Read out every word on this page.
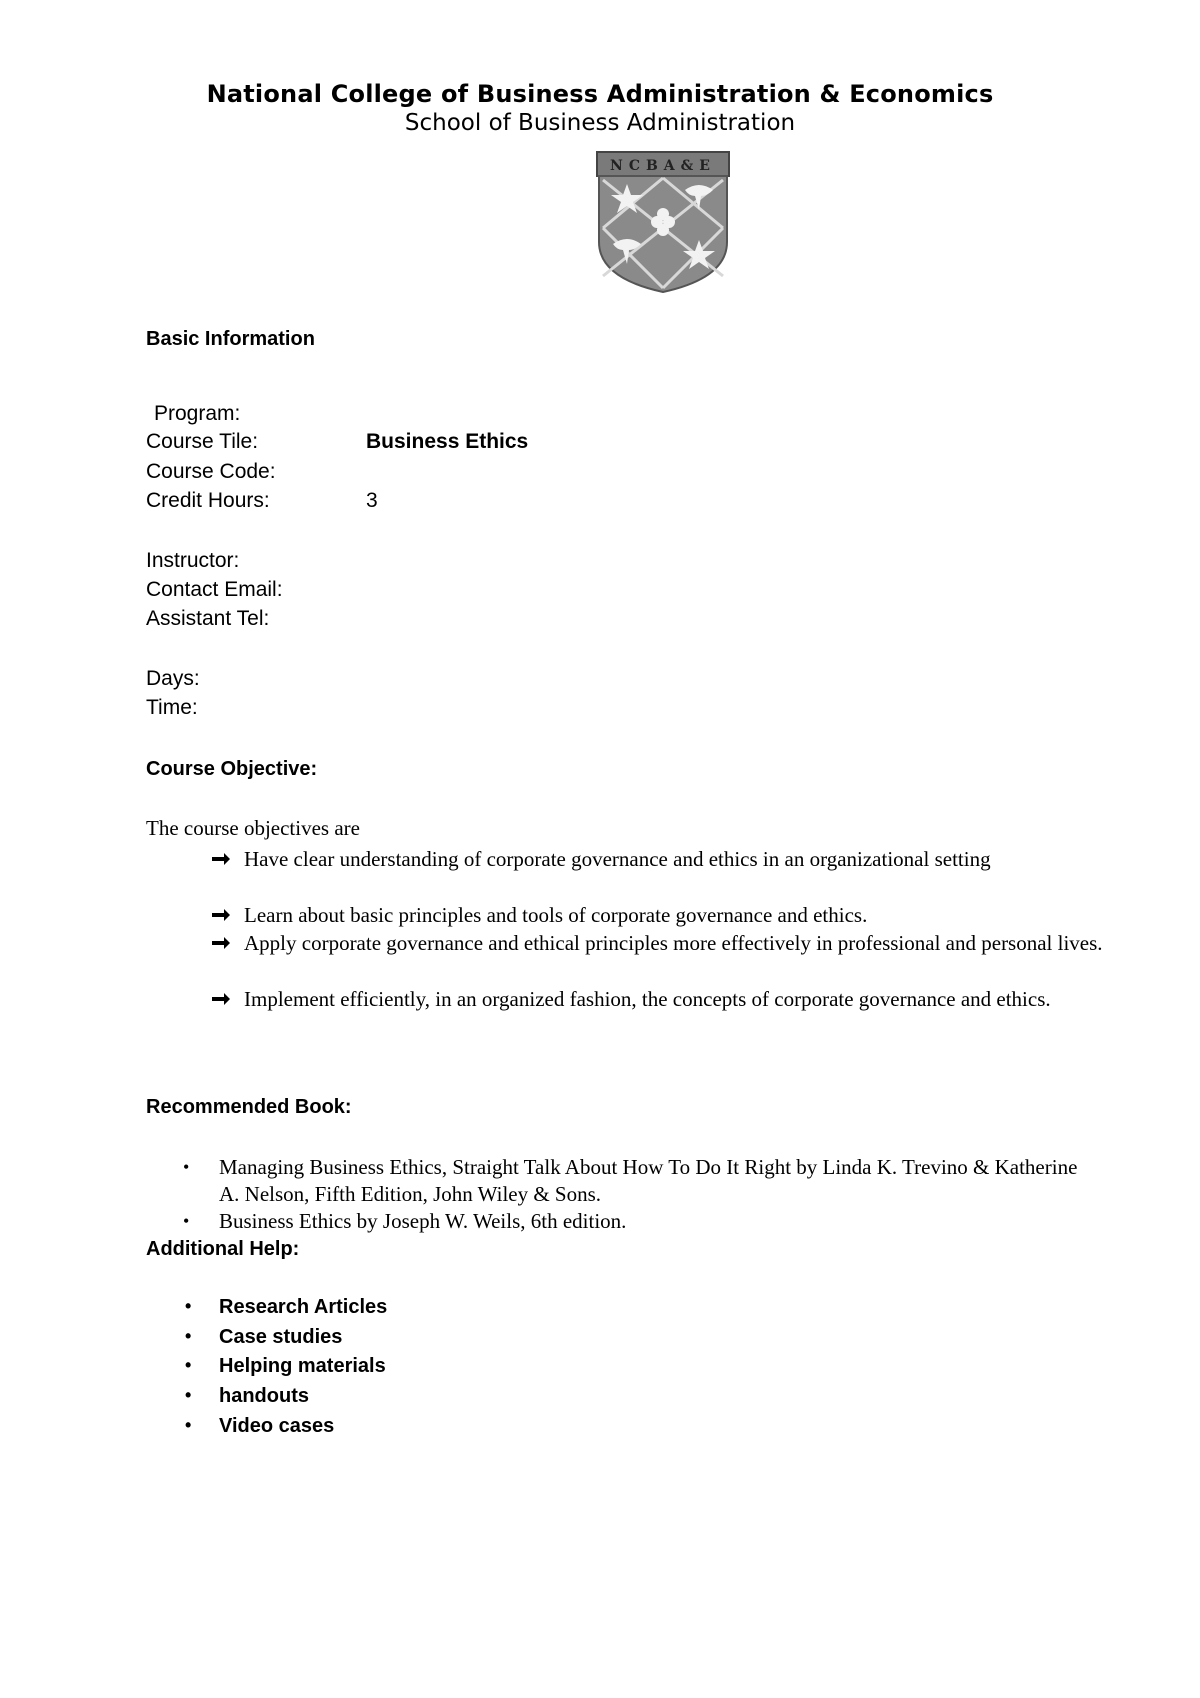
National College of Business Administration & Economics
School of Business Administration
NCBA&E
Basic Information
Program:
Course Tile:	Business Ethics
Course Code:
Credit Hours:	3
Instructor:
Contact Email:
Assistant Tel:
Days:
Time:
Course Objective:
The course objectives are
Have clear understanding of corporate governance and ethics in an organizational setting
Learn about basic principles and tools of corporate governance and ethics.
Apply corporate governance and ethical principles more effectively in professional and personal lives.
Implement efficiently, in an organized fashion, the concepts of corporate governance and ethics.
Recommended Book:
• Managing Business Ethics, Straight Talk About How To Do It Right by Linda K. Trevino & Katherine A. Nelson, Fifth Edition, John Wiley & Sons.
• Business Ethics by Joseph W. Weils, 6th edition.
Additional Help:
• Research Articles
• Case studies
• Helping materials
• handouts
• Video cases
